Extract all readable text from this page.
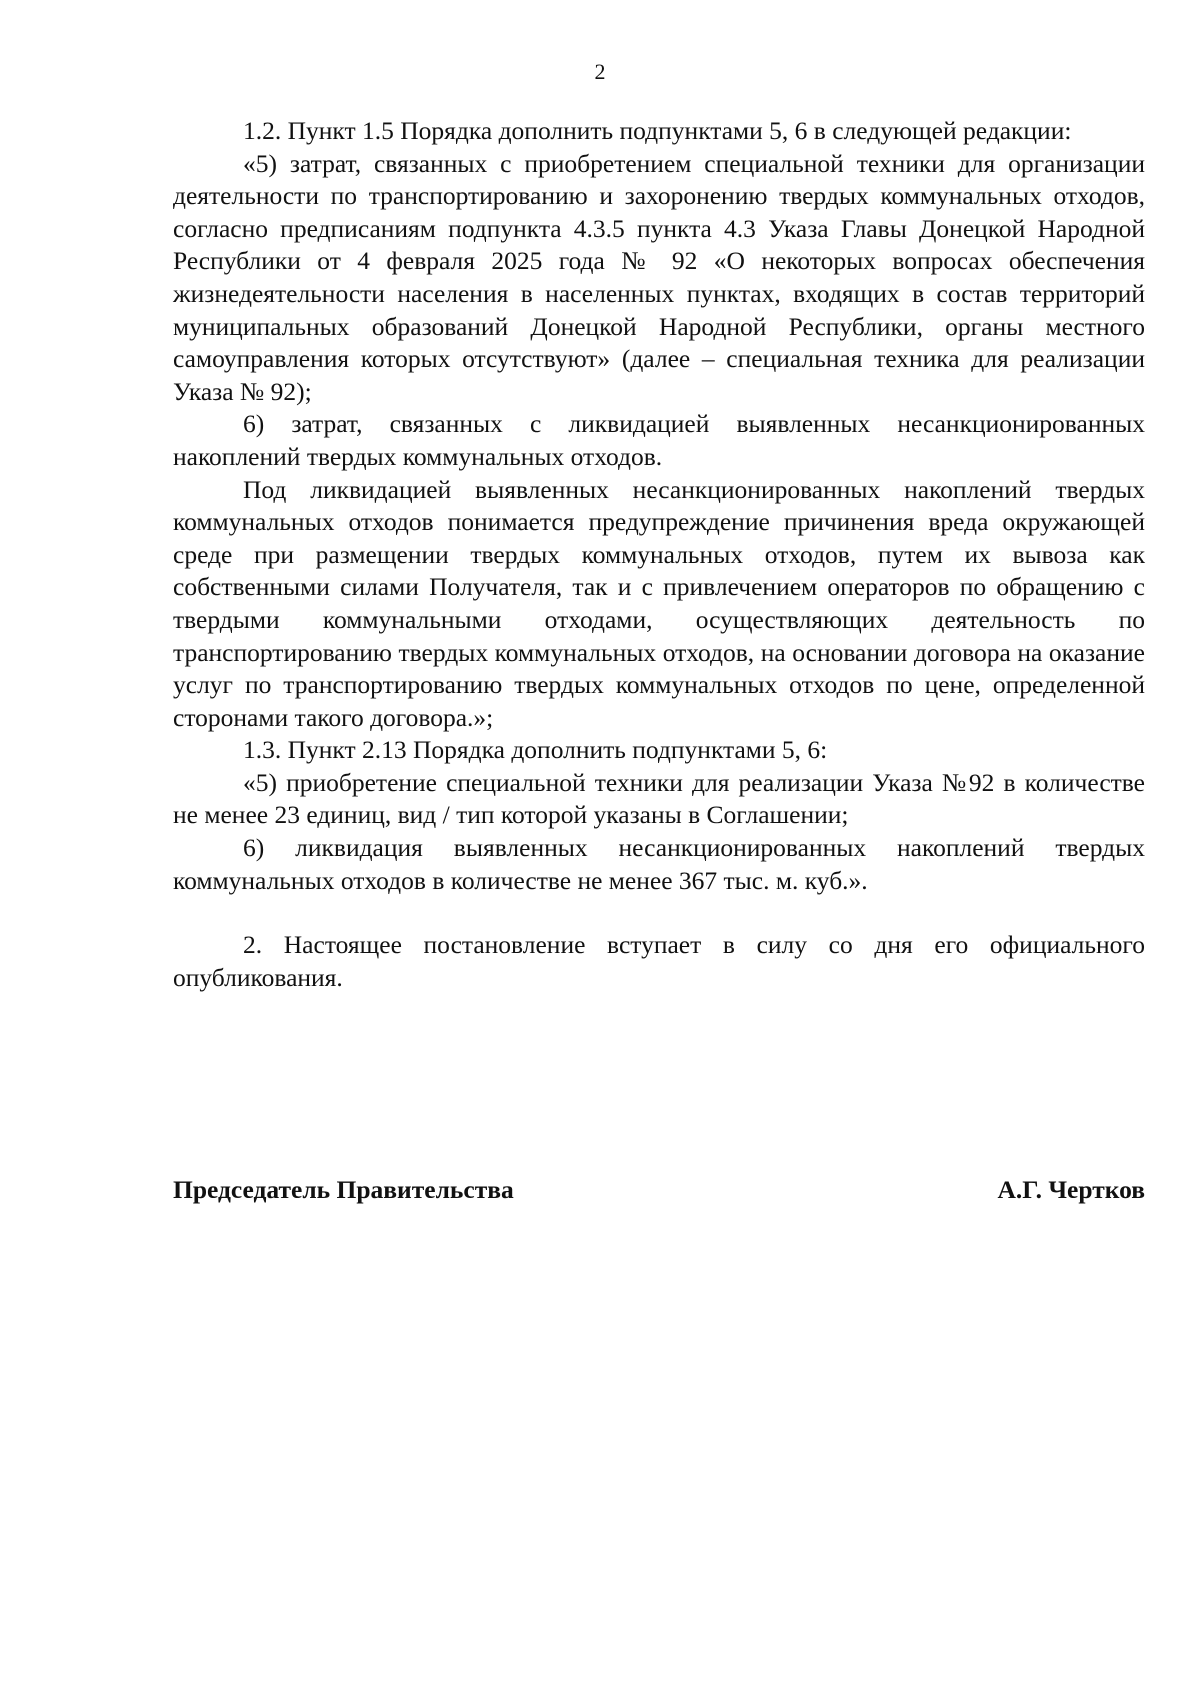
2

1.2. Пункт 1.5 Порядка дополнить подпунктами 5, 6 в следующей редакции:

«5) затрат, связанных с приобретением специальной техники для организации деятельности по транспортированию и захоронению твердых коммунальных отходов, согласно предписаниям подпункта 4.3.5 пункта 4.3 Указа Главы Донецкой Народной Республики от 4 февраля 2025 года № 92 «О некоторых вопросах обеспечения жизнедеятельности населения в населенных пунктах, входящих в состав территорий муниципальных образований Донецкой Народной Республики, органы местного самоуправления которых отсутствуют» (далее – специальная техника для реализации Указа № 92);

6) затрат, связанных с ликвидацией выявленных несанкционированных накоплений твердых коммунальных отходов.

Под ликвидацией выявленных несанкционированных накоплений твердых коммунальных отходов понимается предупреждение причинения вреда окружающей среде при размещении твердых коммунальных отходов, путем их вывоза как собственными силами Получателя, так и с привлечением операторов по обращению с твердыми коммунальными отходами, осуществляющих деятельность по транспортированию твердых коммунальных отходов, на основании договора на оказание услуг по транспортированию твердых коммунальных отходов по цене, определенной сторонами такого договора.»;

1.3. Пункт 2.13 Порядка дополнить подпунктами 5, 6:

«5) приобретение специальной техники для реализации Указа №92 в количестве не менее 23 единиц, вид / тип которой указаны в Соглашении;

6) ликвидация выявленных несанкционированных накоплений твердых коммунальных отходов в количестве не менее 367 тыс. м. куб.».

2. Настоящее постановление вступает в силу со дня его официального опубликования.

Председатель Правительства	А.Г. Чертков
